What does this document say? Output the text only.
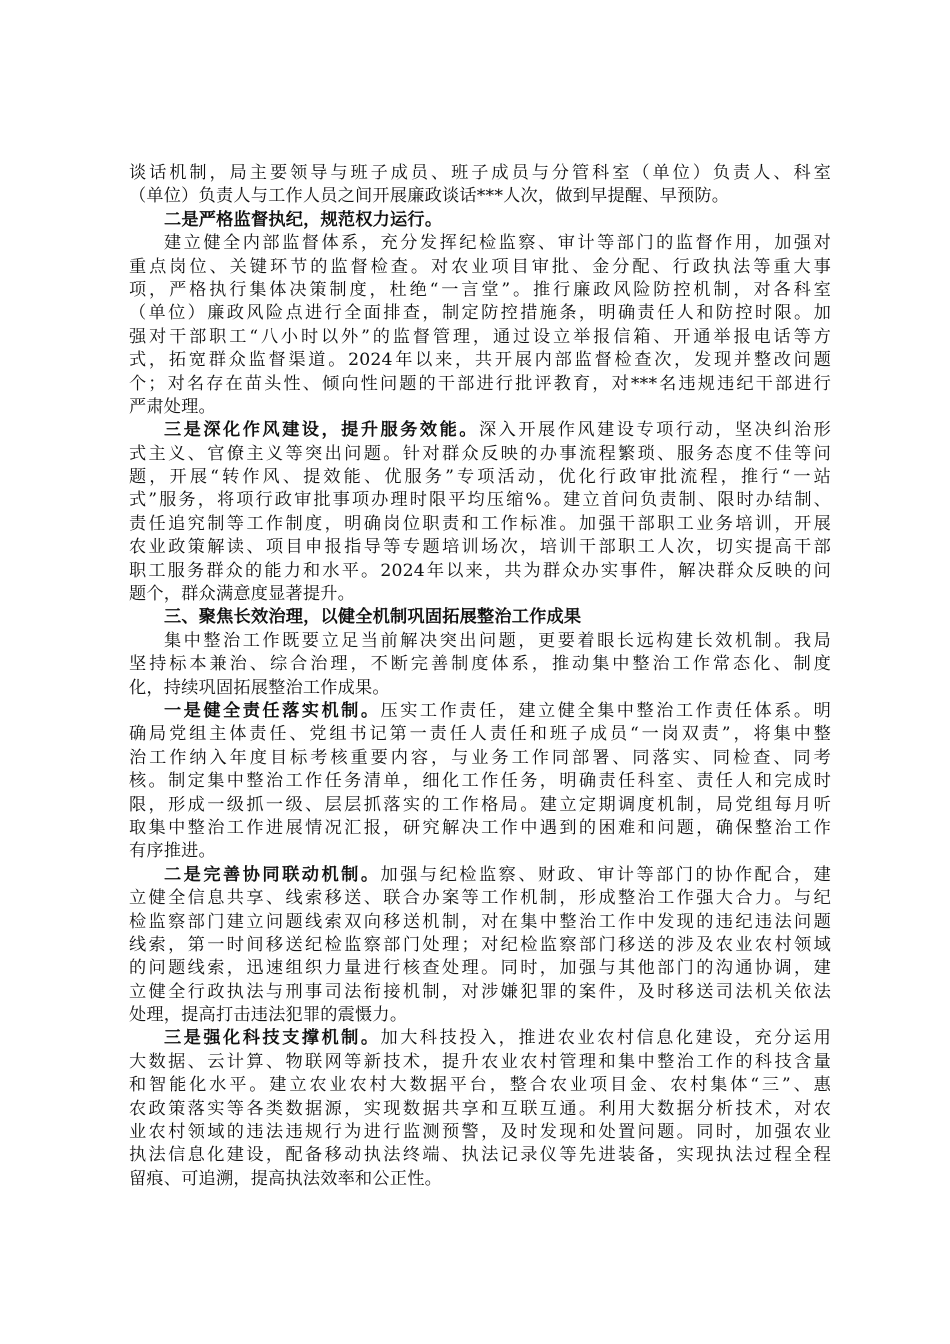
谈话机制，局主要领导与班子成员、班子成员与分管科室（单位）负责人、科室
（单位）负责人与工作人员之间开展廉政谈话***人次，做到早提醒、早预防。
二是严格监督执纪，规范权力运行。
建立健全内部监督体系，充分发挥纪检监察、审计等部门的监督作用，加强对
重点岗位、关键环节的监督检查。对农业项目审批、金分配、行政执法等重大事
项，严格执行集体决策制度，杜绝“一言堂”。推行廉政风险防控机制，对各科室
（单位）廉政风险点进行全面排查，制定防控措施条，明确责任人和防控时限。加
强对干部职工“八小时以外”的监督管理，通过设立举报信箱、开通举报电话等方
式，拓宽群众监督渠道。2024年以来，共开展内部监督检查次，发现并整改问题
个；对名存在苗头性、倾向性问题的干部进行批评教育，对***名违规违纪干部进行
严肃处理。
三是深化作风建设，提升服务效能。深入开展作风建设专项行动，坚决纠治形
式主义、官僚主义等突出问题。针对群众反映的办事流程繁琐、服务态度不佳等问
题，开展“转作风、提效能、优服务”专项活动，优化行政审批流程，推行“一站
式”服务，将项行政审批事项办理时限平均压缩%。建立首问负责制、限时办结制、
责任追究制等工作制度，明确岗位职责和工作标准。加强干部职工业务培训，开展
农业政策解读、项目申报指导等专题培训场次，培训干部职工人次，切实提高干部
职工服务群众的能力和水平。2024年以来，共为群众办实事件，解决群众反映的问
题个，群众满意度显著提升。
三、聚焦长效治理，以健全机制巩固拓展整治工作成果
集中整治工作既要立足当前解决突出问题，更要着眼长远构建长效机制。我局
坚持标本兼治、综合治理，不断完善制度体系，推动集中整治工作常态化、制度
化，持续巩固拓展整治工作成果。
一是健全责任落实机制。压实工作责任，建立健全集中整治工作责任体系。明
确局党组主体责任、党组书记第一责任人责任和班子成员“一岗双责”，将集中整
治工作纳入年度目标考核重要内容，与业务工作同部署、同落实、同检查、同考
核。制定集中整治工作任务清单，细化工作任务，明确责任科室、责任人和完成时
限，形成一级抓一级、层层抓落实的工作格局。建立定期调度机制，局党组每月听
取集中整治工作进展情况汇报，研究解决工作中遇到的困难和问题，确保整治工作
有序推进。
二是完善协同联动机制。加强与纪检监察、财政、审计等部门的协作配合，建
立健全信息共享、线索移送、联合办案等工作机制，形成整治工作强大合力。与纪
检监察部门建立问题线索双向移送机制，对在集中整治工作中发现的违纪违法问题
线索，第一时间移送纪检监察部门处理；对纪检监察部门移送的涉及农业农村领域
的问题线索，迅速组织力量进行核查处理。同时，加强与其他部门的沟通协调，建
立健全行政执法与刑事司法衔接机制，对涉嫌犯罪的案件，及时移送司法机关依法
处理，提高打击违法犯罪的震慑力。
三是强化科技支撑机制。加大科技投入，推进农业农村信息化建设，充分运用
大数据、云计算、物联网等新技术，提升农业农村管理和集中整治工作的科技含量
和智能化水平。建立农业农村大数据平台，整合农业项目金、农村集体“三”、惠
农政策落实等各类数据源，实现数据共享和互联互通。利用大数据分析技术，对农
业农村领域的违法违规行为进行监测预警，及时发现和处置问题。同时，加强农业
执法信息化建设，配备移动执法终端、执法记录仪等先进装备，实现执法过程全程
留痕、可追溯，提高执法效率和公正性。
